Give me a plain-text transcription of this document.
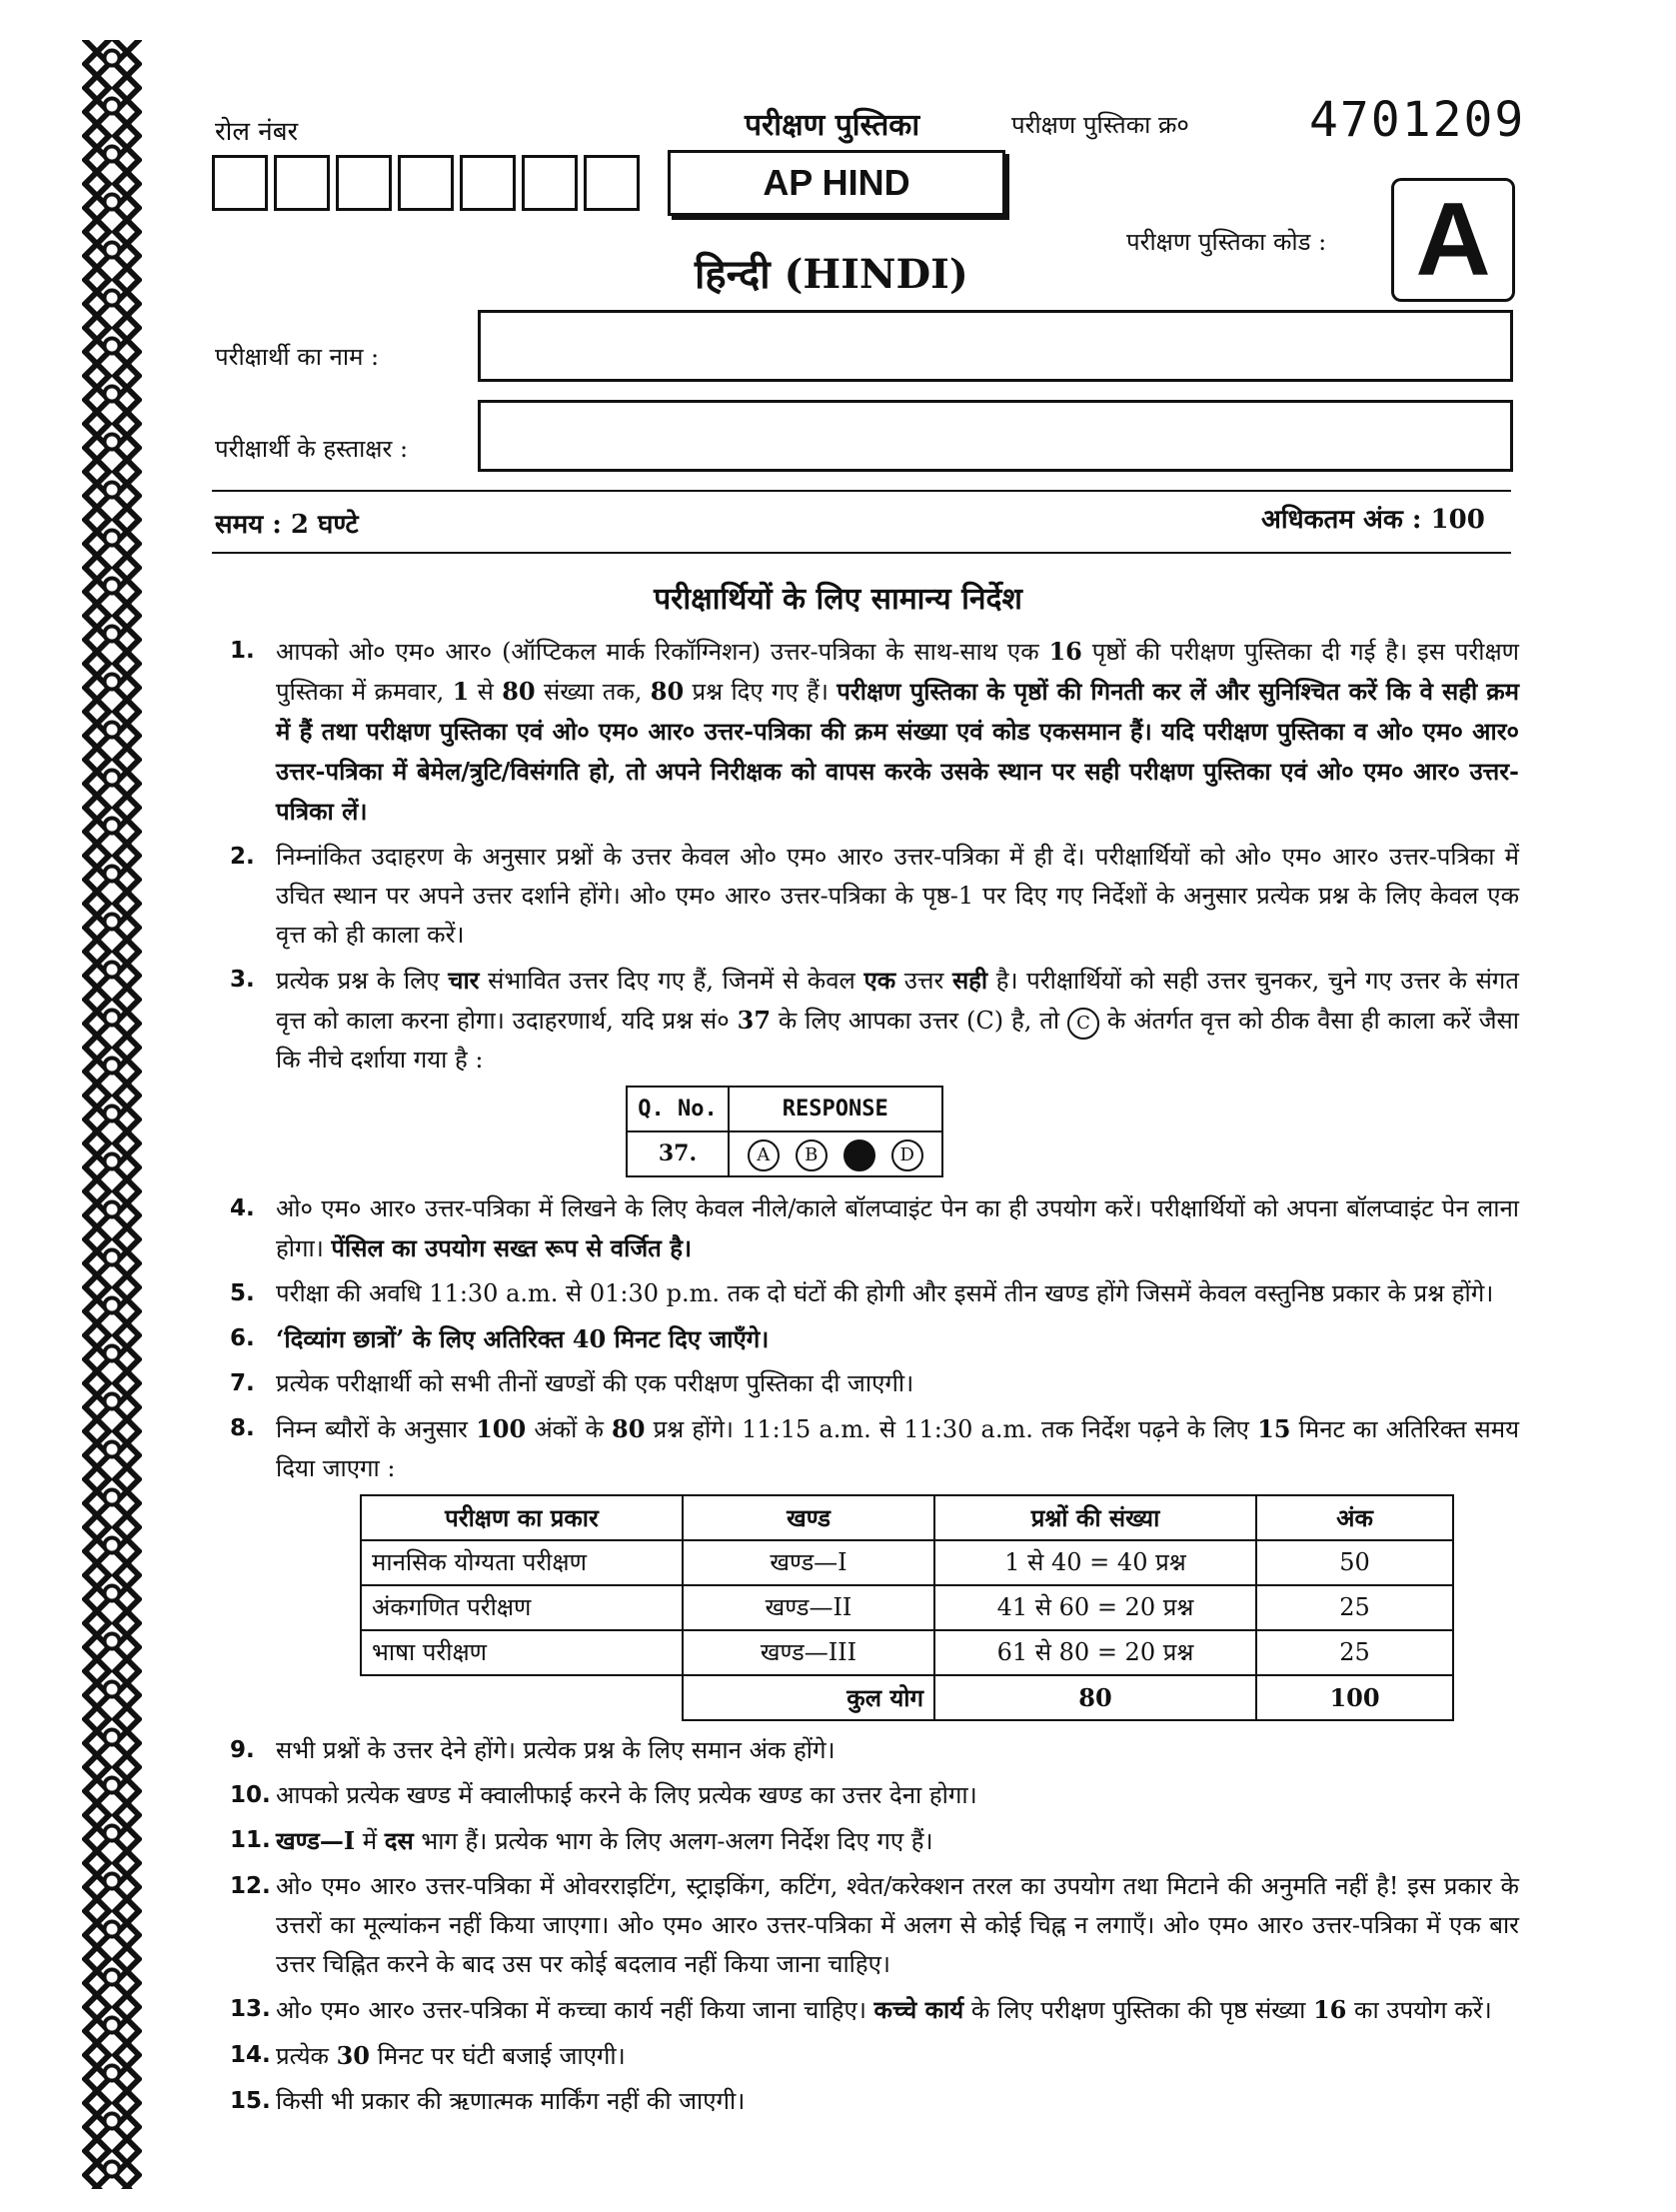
रोल नंबर	परीक्षण पुस्तिका	परीक्षण पुस्तिका क्र०	4701209
AP HIND
हिन्दी (HINDI)
परीक्षण पुस्तिका कोड : A
परीक्षार्थी का नाम :
परीक्षार्थी के हस्ताक्षर :
समय : 2 घण्टे	अधिकतम अंक : 100
परीक्षार्थियों के लिए सामान्य निर्देश
1. आपको ओ० एम० आर० (ऑप्टिकल मार्क रिकॉग्निशन) उत्तर-पत्रिका के साथ-साथ एक 16 पृष्ठों की परीक्षण पुस्तिका दी गई है। इस परीक्षण पुस्तिका में क्रमवार, 1 से 80 संख्या तक, 80 प्रश्न दिए गए हैं। परीक्षण पुस्तिका के पृष्ठों की गिनती कर लें और सुनिश्चित करें कि वे सही क्रम में हैं तथा परीक्षण पुस्तिका एवं ओ० एम० आर० उत्तर-पत्रिका की क्रम संख्या एवं कोड एकसमान हैं। यदि परीक्षण पुस्तिका व ओ० एम० आर० उत्तर-पत्रिका में बेमेल/त्रुटि/विसंगति हो, तो अपने निरीक्षक को वापस करके उसके स्थान पर सही परीक्षण पुस्तिका एवं ओ० एम० आर० उत्तर-पत्रिका लें।
2. निम्नांकित उदाहरण के अनुसार प्रश्नों के उत्तर केवल ओ० एम० आर० उत्तर-पत्रिका में ही दें। परीक्षार्थियों को ओ० एम० आर० उत्तर-पत्रिका में उचित स्थान पर अपने उत्तर दर्शाने होंगे। ओ० एम० आर० उत्तर-पत्रिका के पृष्ठ-1 पर दिए गए निर्देशों के अनुसार प्रत्येक प्रश्न के लिए केवल एक वृत्त को ही काला करें।
3. प्रत्येक प्रश्न के लिए चार संभावित उत्तर दिए गए हैं, जिनमें से केवल एक उत्तर सही है। परीक्षार्थियों को सही उत्तर चुनकर, चुने गए उत्तर के संगत वृत्त को काला करना होगा। उदाहरणार्थ, यदि प्रश्न सं० 37 के लिए आपका उत्तर (C) है, तो C के अंतर्गत वृत्त को ठीक वैसा ही काला करें जैसा कि नीचे दर्शाया गया है :
Q. No.	RESPONSE
37.	A B C D
4. ओ० एम० आर० उत्तर-पत्रिका में लिखने के लिए केवल नीले/काले बॉलप्वाइंट पेन का ही उपयोग करें। परीक्षार्थियों को अपना बॉलप्वाइंट पेन लाना होगा। पेंसिल का उपयोग सख्त रूप से वर्जित है।
5. परीक्षा की अवधि 11:30 a.m. से 01:30 p.m. तक दो घंटों की होगी और इसमें तीन खण्ड होंगे जिसमें केवल वस्तुनिष्ठ प्रकार के प्रश्न होंगे।
6. ‘दिव्यांग छात्रों’ के लिए अतिरिक्त 40 मिनट दिए जाएँगे।
7. प्रत्येक परीक्षार्थी को सभी तीनों खण्डों की एक परीक्षण पुस्तिका दी जाएगी।
8. निम्न ब्यौरों के अनुसार 100 अंकों के 80 प्रश्न होंगे। 11:15 a.m. से 11:30 a.m. तक निर्देश पढ़ने के लिए 15 मिनट का अतिरिक्त समय दिया जाएगा :
परीक्षण का प्रकार	खण्ड	प्रश्नों की संख्या	अंक
मानसिक योग्यता परीक्षण	खण्ड—I	1 से 40 = 40 प्रश्न	50
अंकगणित परीक्षण	खण्ड—II	41 से 60 = 20 प्रश्न	25
भाषा परीक्षण	खण्ड—III	61 से 80 = 20 प्रश्न	25
	कुल योग	80	100
9. सभी प्रश्नों के उत्तर देने होंगे। प्रत्येक प्रश्न के लिए समान अंक होंगे।
10. आपको प्रत्येक खण्ड में क्वालीफाई करने के लिए प्रत्येक खण्ड का उत्तर देना होगा।
11. खण्ड—I में दस भाग हैं। प्रत्येक भाग के लिए अलग-अलग निर्देश दिए गए हैं।
12. ओ० एम० आर० उत्तर-पत्रिका में ओवरराइटिंग, स्ट्राइकिंग, कटिंग, श्वेत/करेक्शन तरल का उपयोग तथा मिटाने की अनुमति नहीं है! इस प्रकार के उत्तरों का मूल्यांकन नहीं किया जाएगा। ओ० एम० आर० उत्तर-पत्रिका में अलग से कोई चिह्न न लगाएँ। ओ० एम० आर० उत्तर-पत्रिका में एक बार उत्तर चिह्नित करने के बाद उस पर कोई बदलाव नहीं किया जाना चाहिए।
13. ओ० एम० आर० उत्तर-पत्रिका में कच्चा कार्य नहीं किया जाना चाहिए। कच्चे कार्य के लिए परीक्षण पुस्तिका की पृष्ठ संख्या 16 का उपयोग करें।
14. प्रत्येक 30 मिनट पर घंटी बजाई जाएगी।
15. किसी भी प्रकार की ऋणात्मक मार्किंग नहीं की जाएगी।
